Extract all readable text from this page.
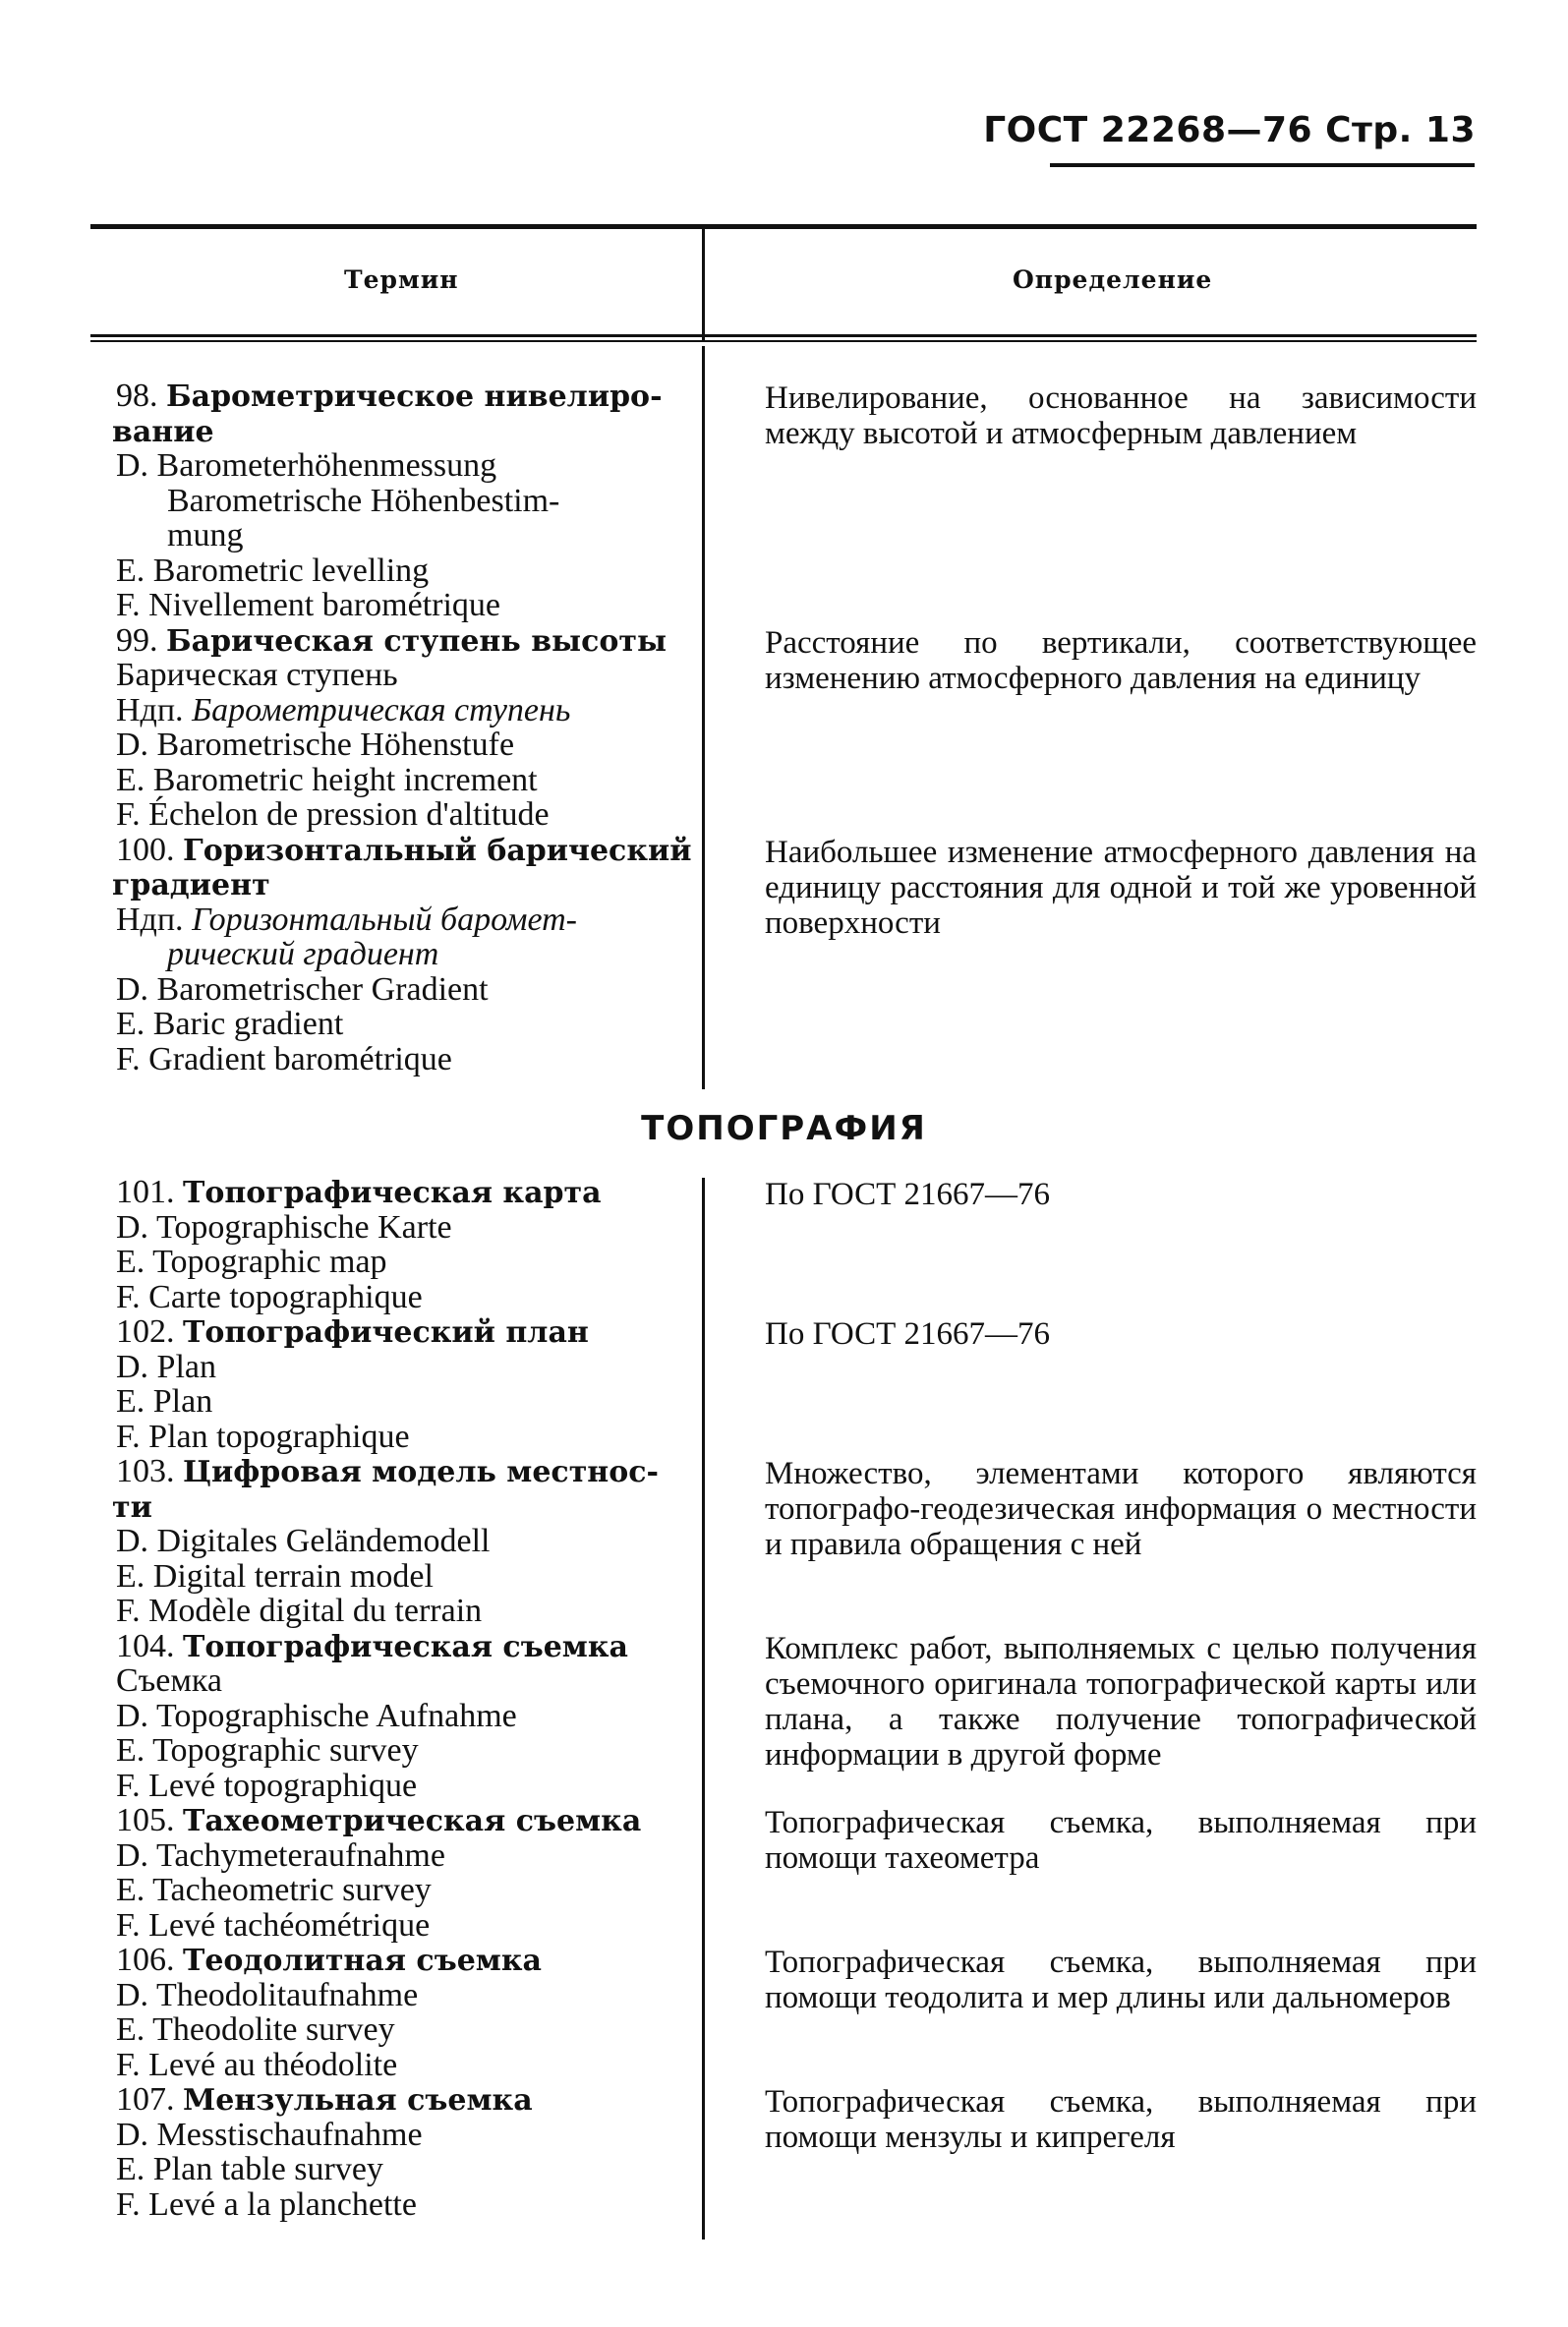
ГОСТ 22268—76 Стр. 13
Термин	Определение
ТОПОГРАФИЯ
98. Барометрическое нивелиро-
вание
D. Barometerhöhenmessung
Barometrische Höhenbestim-
mung
E. Barometric levelling
F. Nivellement barométrique
Нивелирование, основанное на зависимости между высотой и атмосферным давлением
99. Барическая ступень высоты
Барическая ступень
Ндп. Барометрическая ступень
D. Barometrische Höhenstufe
E. Barometric height increment
F. Échelon de pression d'altitude
Расстояние по вертикали, соответствующее изменению атмосферного давления на единицу
100. Горизонтальный барический
градиент
Ндп. Горизонтальный баромет-
рический градиент
D. Barometrischer Gradient
E. Baric gradient
F. Gradient barométrique
Наибольшее изменение атмосферного давления на единицу расстояния для одной и той же уровенной поверхности
101. Топографическая карта
D. Topographische Karte
E. Topographic map
F. Carte topographique
По ГОСТ 21667—76
102. Топографический план
D. Plan
E. Plan
F. Plan topographique
По ГОСТ 21667—76
103. Цифровая модель местнос-
ти
D. Digitales Geländemodell
E. Digital terrain model
F. Modèle digital du terrain
Множество, элементами которого являются топографо-геодезическая информация о местности и правила обращения с ней
104. Топографическая съемка
Съемка
D. Topographische Aufnahme
E. Topographic survey
F. Levé topographique
Комплекс работ, выполняемых с целью получения съемочного оригинала топографической карты или плана, а также получение топографической информации в другой форме
105. Тахеометрическая съемка
D. Tachymeteraufnahme
E. Tacheometric survey
F. Levé tachéométrique
Топографическая съемка, выполняемая при помощи тахеометра
106. Теодолитная съемка
D. Theodolitaufnahme
E. Theodolite survey
F. Levé au théodolite
Топографическая съемка, выполняемая при помощи теодолита и мер длины или дальномеров
107. Мензульная съемка
D. Messtischaufnahme
E. Plan table survey
F. Levé a la planchette
Топографическая съемка, выполняемая при помощи мензулы и кипрегеля
